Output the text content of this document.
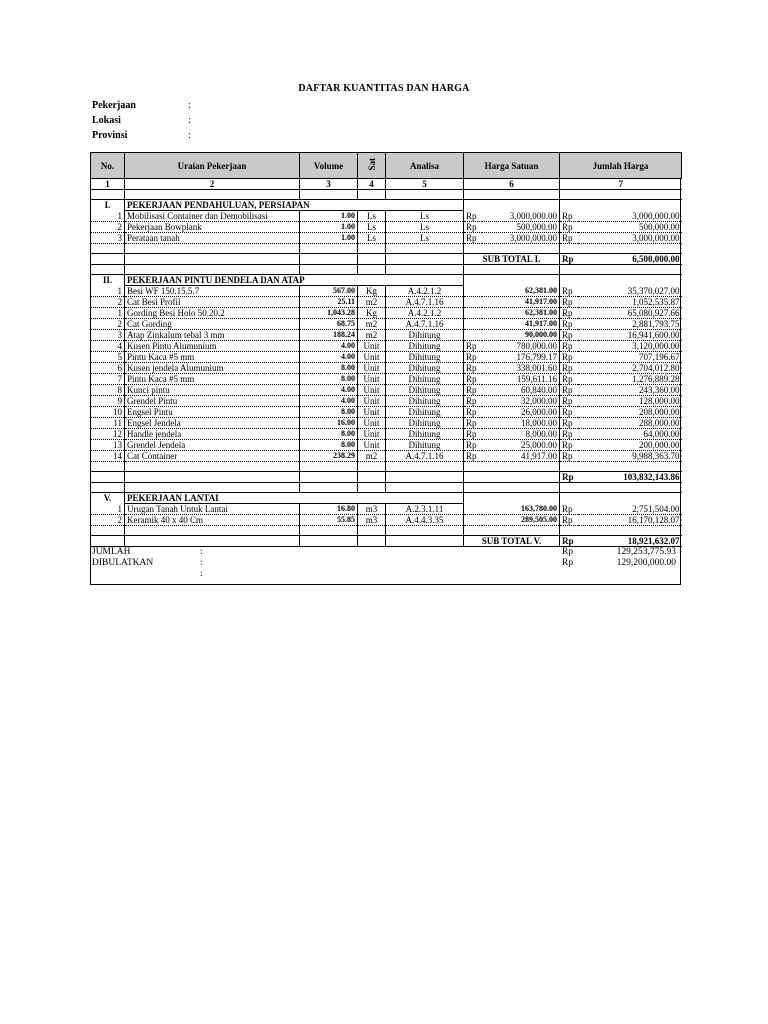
DAFTAR KUANTITAS DAN HARGA
Pekerjaan	:
Lokasi	:
Provinsi	:
No.	Uraian Pekerjaan	Volume	Sat	Analisa	Harga Satuan		Jumlah Harga	
1	2	3	4	5	6		7	

I.	PEKERJAAN PENDAHULUAN, PERSIAPAN							
1	Mobilisasi Container dan Demobilisasi	1.00	Ls	Ls	Rp	3,000,000.00	Rp	3,000,000.00
2	Pekerjaan Bowplank	1.00	Ls	Ls	Rp	500,000.00	Rp	500,000.00
3	Perataan tanah	1.00	Ls	Ls	Rp	3,000,000.00	Rp	3,000,000.00

					SUB TOTAL I.		Rp	6,500,000.00

II.	PEKERJAAN PINTU DENDELA DAN ATAP							
1	Besi WF 150.15.5.7	567.00	Kg	A.4.2.1.2		62,381.00	Rp	35,370,027.00
2	Cat Besi Profil	25.11	m2	A.4.7.1.16		41,917.00	Rp	1,052,535.87
1	Gording Besi Holo 50.20.2	1,043.28	Kg	A.4.2.1.2		62,381.00	Rp	65,080,927.66
2	Cat Gording	68.75	m2	A.4.7.1.16		41,917.00	Rp	2,881,793.75
3	Atap Zinkalum tebal 3 mm	188.24	m2	Dihitung		90,000.00	Rp	16,941,600.00
4	Kusen Pintu Alumunium	4.00	Unit	Dihitung	Rp	780,000.00	Rp	3,120,000.00
5	Pintu Kaca #5 mm	4.00	Unit	Dihitung	Rp	176,799.17	Rp	707,196.67
6	Kusen jendela Alumunium	8.00	Unit	Dihitung	Rp	338,001.60	Rp	2,704,012.80
7	Pintu Kaca #5 mm	8.00	Unit	Dihitung	Rp	159,611.16	Rp	1,276,889.28
8	Kunci pintu	4.00	Unit	Dihitung	Rp	60,840.00	Rp	243,360.00
9	Grendel Pintu	4.00	Unit	Dihitung	Rp	32,000.00	Rp	128,000.00
10	Engsel Pintu	8.00	Unit	Dihitung	Rp	26,000.00	Rp	208,000.00
11	Engsel Jendela	16.00	Unit	Dihitung	Rp	18,000.00	Rp	288,000.00
12	Handle jendela	8.00	Unit	Dihitung	Rp	8,000.00	Rp	64,000.00
13	Grendel Jendela	8.00	Unit	Dihitung	Rp	25,000.00	Rp	200,000.00
14	Cat Container	238.29	m2	A.4.7.1.16	Rp	41,917.00	Rp	9,988,363.70

							Rp	103,832,143.86

V.	PEKERJAAN LANTAI							
1	Urugan Tanah Untuk Lantai	16.80	m3	A.2.3.1.11		163,780.00	Rp	2,751,504.00
2	Keramik 40 x 40 Cm	55.85	m3	A.4.4.3.35		289,505.00	Rp	16,170,128.07

					SUB TOTAL V.		Rp	18,921,632.07
JUMLAH	:	Rp	129,253,775.93
DIBULATKAN	:	Rp	129,200,000.00
:
